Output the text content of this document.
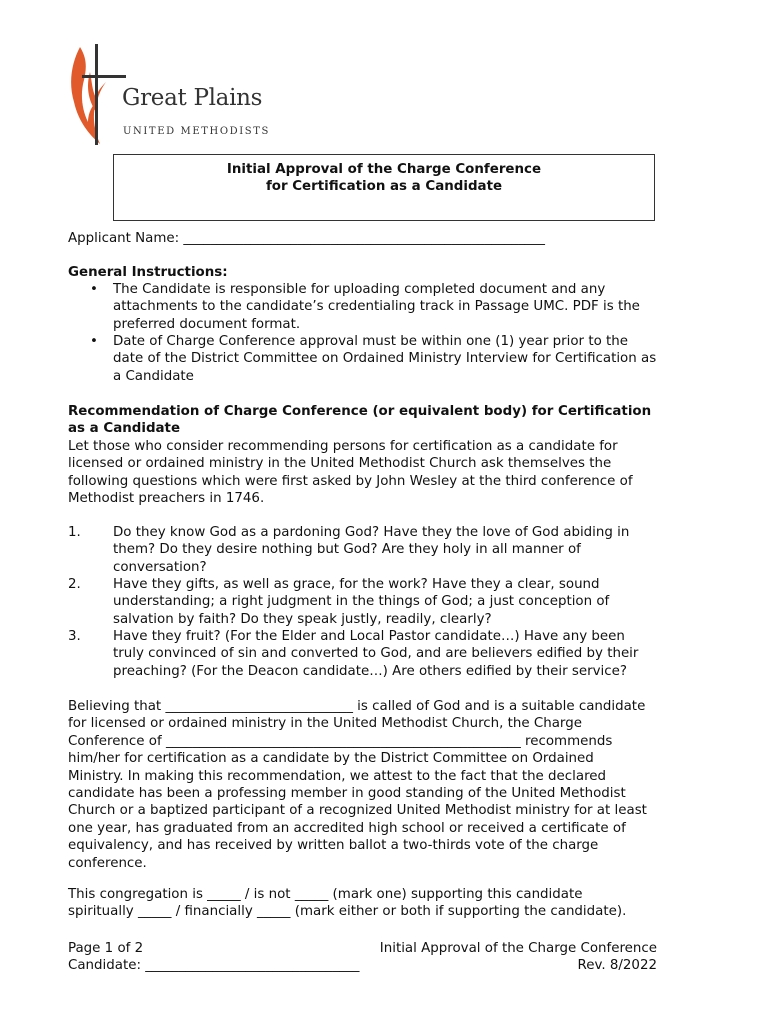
Great Plains
UNITED METHODISTS
Initial Approval of the Charge Conference
for Certification as a Candidate
Applicant Name: ______________________________________________________
General Instructions:
• The Candidate is responsible for uploading completed document and any
attachments to the candidate’s credentialing track in Passage UMC. PDF is the
preferred document format.
• Date of Charge Conference approval must be within one (1) year prior to the
date of the District Committee on Ordained Ministry Interview for Certification as
a Candidate
Recommendation of Charge Conference (or equivalent body) for Certification
as a Candidate
Let those who consider recommending persons for certification as a candidate for
licensed or ordained ministry in the United Methodist Church ask themselves the
following questions which were first asked by John Wesley at the third conference of
Methodist preachers in 1746.
1. Do they know God as a pardoning God? Have they the love of God abiding in
them? Do they desire nothing but God? Are they holy in all manner of
conversation?
2. Have they gifts, as well as grace, for the work? Have they a clear, sound
understanding; a right judgment in the things of God; a just conception of
salvation by faith? Do they speak justly, readily, clearly?
3. Have they fruit? (For the Elder and Local Pastor candidate…) Have any been
truly convinced of sin and converted to God, and are believers edified by their
preaching? (For the Deacon candidate…) Are others edified by their service?
Believing that ____________________________ is called of God and is a suitable candidate
for licensed or ordained ministry in the United Methodist Church, the Charge
Conference of _____________________________________________________ recommends
him/her for certification as a candidate by the District Committee on Ordained
Ministry. In making this recommendation, we attest to the fact that the declared
candidate has been a professing member in good standing of the United Methodist
Church or a baptized participant of a recognized United Methodist ministry for at least
one year, has graduated from an accredited high school or received a certificate of
equivalency, and has received by written ballot a two-thirds vote of the charge
conference.
This congregation is _____ / is not _____ (mark one) supporting this candidate
spiritually _____ / financially _____ (mark either or both if supporting the candidate).
Page 1 of 2
Candidate: ________________________________
Initial Approval of the Charge Conference
Rev. 8/2022
